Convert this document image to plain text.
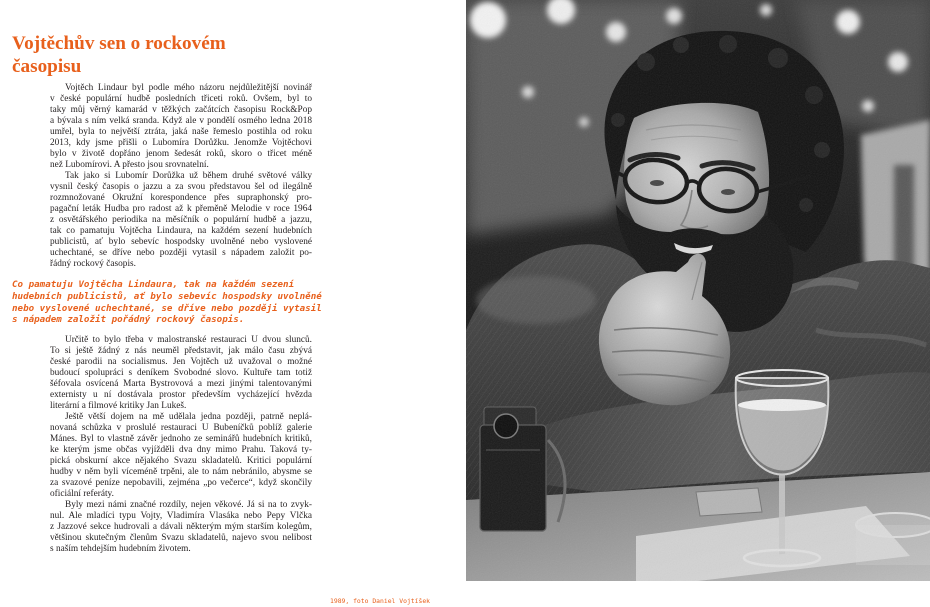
Vojtěchův sen o rockovém
časopisu
Vojtěch Lindaur byl podle mého názoru nejdůležitější novinář
v české populární hudbě posledních třiceti roků. Ovšem, byl to
taky můj věrný kamarád v těžkých začátcích časopisu Rock&Pop
a bývala s ním velká sranda. Když ale v pondělí osmého ledna 2018
umřel, byla to největší ztráta, jaká naše řemeslo postihla od roku
2013, kdy jsme přišli o Lubomíra Dorůžku. Jenomže Vojtěchovi
bylo v životě dopřáno jenom šedesát roků, skoro o třicet méně
než Lubomírovi. A přesto jsou srovnatelní.
Tak jako si Lubomír Dorůžka už během druhé světové války
vysnil český časopis o jazzu a za svou představou šel od ilegálně
rozmnožované Okružní korespondence přes supraphonský pro-
pagační leták Hudba pro radost až k přeměně Melodie v roce 1964
z osvětářského periodika na měsíčník o populární hudbě a jazzu,
tak co pamatuju Vojtěcha Lindaura, na každém sezení hudebních
publicistů, ať bylo sebevíc hospodsky uvolněné nebo vyslovené
uchechtané, se dříve nebo později vytasil s nápadem založit po-
řádný rockový časopis.
Co pamatuju Vojtěcha Lindaura, tak na každém sezení
hudebních publicistů, ať bylo sebevíc hospodsky uvolněné
nebo vyslovené uchechtané, se dříve nebo později vytasil
s nápadem založit pořádný rockový časopis.
Určitě to bylo třeba v malostranské restauraci U dvou slunců.
To si ještě žádný z nás neuměl představit, jak málo času zbývá
české parodii na socialismus. Jen Vojtěch už uvažoval o možné
budoucí spolupráci s deníkem Svobodné slovo. Kultuře tam totiž
šéfovala osvícená Marta Bystrovová a mezi jinými talentovanými
externisty u ní dostávala prostor především vycházející hvězda
literární a filmové kritiky Jan Lukeš.
Ještě větší dojem na mě udělala jedna později, patrně neplá-
novaná schůzka v proslulé restauraci U Bubeníčků poblíž galerie
Mánes. Byl to vlastně závěr jednoho ze seminářů hudebních kritiků,
ke kterým jsme občas vyjížděli dva dny mimo Prahu. Taková ty-
pická obskurní akce nějakého Svazu skladatelů. Kritici populární
hudby v něm byli víceméně trpěni, ale to nám nebránilo, abysme se
za svazové peníze nepobavili, zejména „po večerce“, když skončily
oficiální referáty.
Byly mezi námi značné rozdíly, nejen věkové. Já si na to zvyk-
nul. Ale mladíci typu Vojty, Vladimíra Vlasáka nebo Pepy Vlčka
z Jazzové sekce hudrovali a dávali některým mým starším kolegům,
většinou skutečným členům Svazu skladatelů, najevo svou nelibost
s naším tehdejším hudebním životem.
1989, foto Daniel Vojtíšek
